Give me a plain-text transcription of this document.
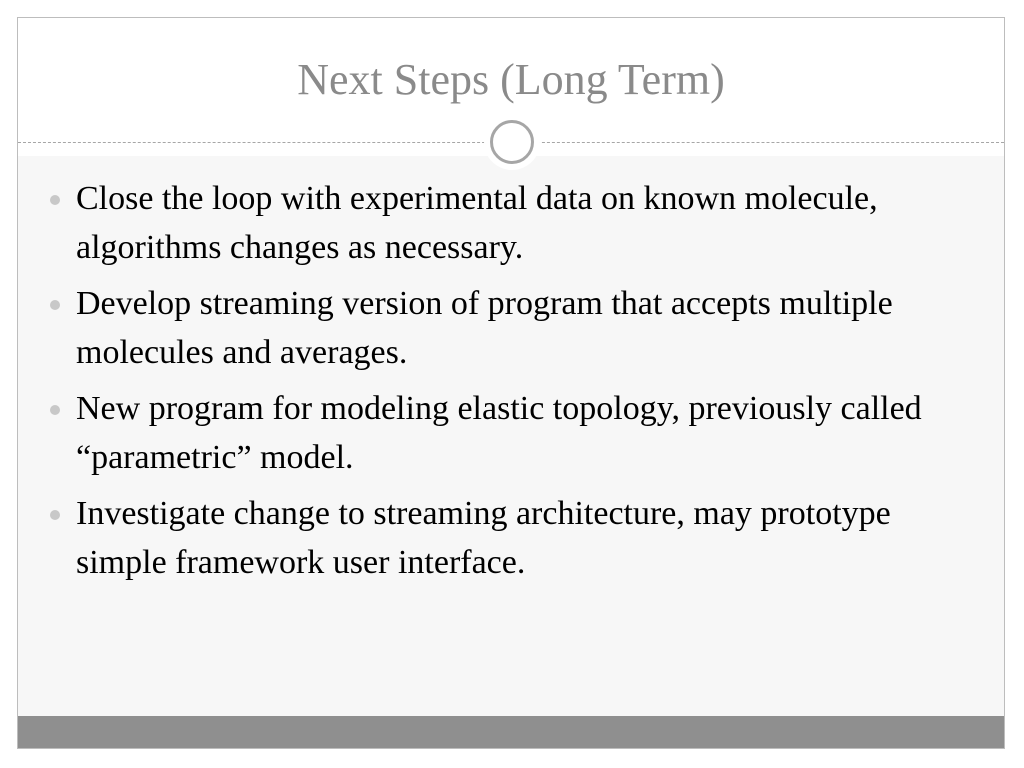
Next Steps (Long Term)
Close the loop with experimental data on known molecule, algorithms changes as necessary.
Develop streaming version of program that accepts multiple molecules and averages.
New program for modeling elastic topology, previously called “parametric” model.
Investigate change to streaming architecture, may prototype simple framework user interface.
